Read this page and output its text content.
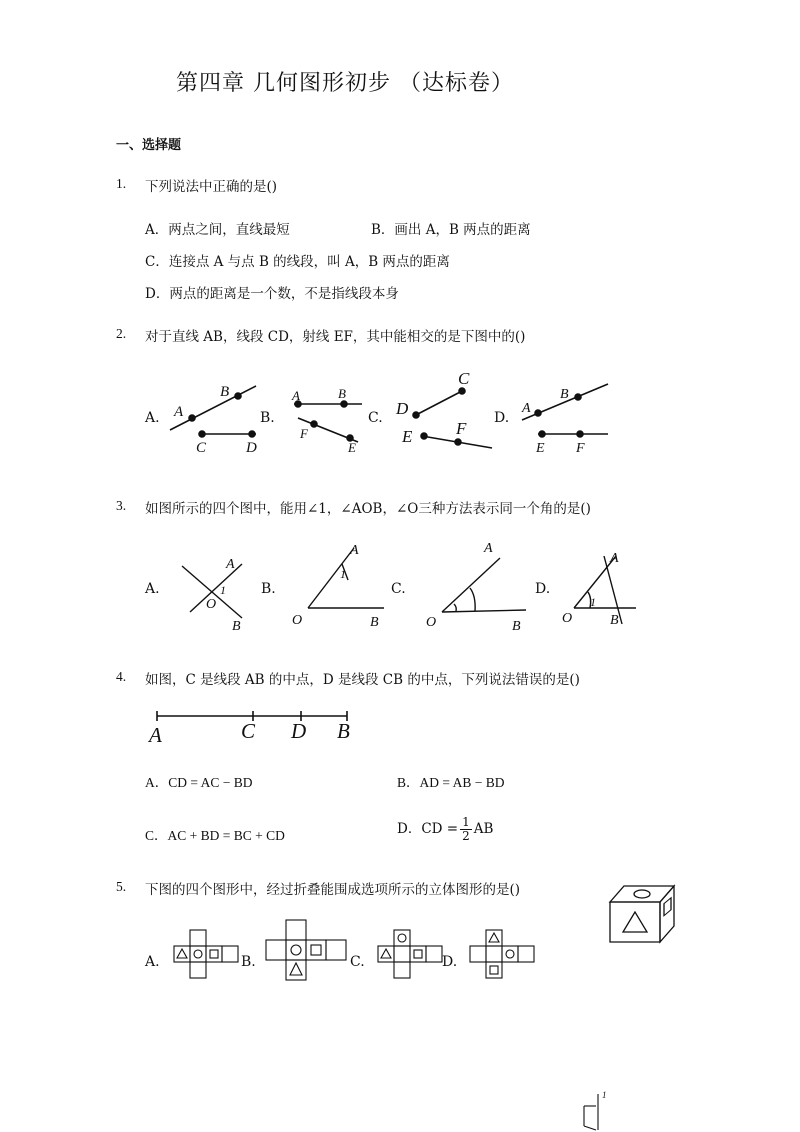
第四章 几何图形初步 （达标卷）
一、选择题
1. 下列说法中正确的是()
A．两点之间，直线最短	B．画出 A，B 两点的距离
C．连接点 A 与点 B 的线段，叫 A，B 两点的距离
D．两点的距离是一个数，不是指线段本身
2. 对于直线 AB，线段 CD，射线 EF，其中能相交的是下图中的()
A.	B.	C.	D.
A
B
C	D
A	B
F
E
D
C
E	F
A
B
E F
3. 如图所示的四个图中，能用∠1，∠AOB，∠O三种方法表示同一个角的是()
A.	B.	C.	D.
A
O
1
B
A
1
O	B
A
O	B
A
1
O	B
4. 如图，C 是线段 AB 的中点，D 是线段 CB 的中点，下列说法错误的是()
A	C D B
A．CD = AC − BD	B．AD = AB − BD
C．AC + BD = BC + CD	D．CD = $\frac{1}{2}$ AB
5. 下图的四个图形中，经过折叠能围成选项所示的立体图形的是()
A.	B.	C.	D.
1
